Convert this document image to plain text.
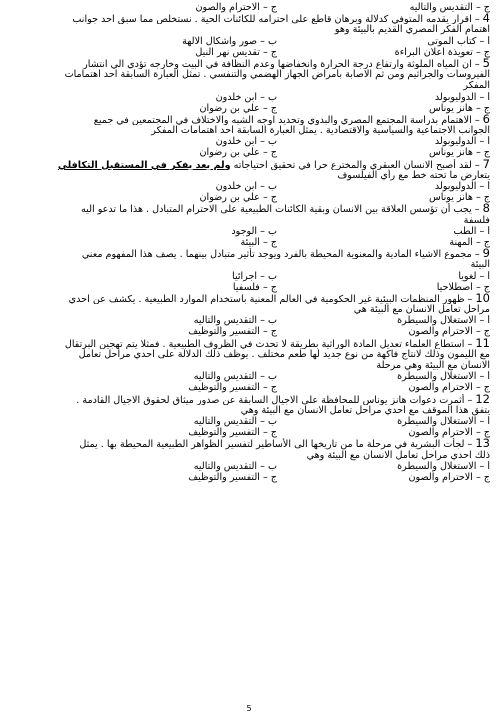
ج – التقديس والتأليه
ج – الاحترام والصون
4 – اقرار يقدمه المتوفي كدلالة وبرهان قاطع على احترامه للكائنات الحية . نستخلص مما سبق احد جوانب
اهتمام الفكر المصري القديم بالبيئة وهو
أ – كتاب الموتى
ب – صور واشكال الالهة
ج – تعويذة اعلان البراءة
ج – تقديس نهر النيل
5 – ان المياه الملوثة وارتفاع درجة الحرارة وانخفاضها وعدم النظافة في البيت وخارجه تؤدي الي انتشار
الفيروسات والجراثيم ومن ثم الاصابة بأمراض الجهاز الهضمي والتنفسي . تمثل العبارة السابقة احد اهتمامات
المفكر
أ – الدوليوبولد
ب – ابن خلدون
ج – هانز يوناس
ج – علي بن رضوان
6 – الاهتمام بدراسة المجتمع المصري والبدوي وتحديد اوجه الشبه والاختلاف في المجتمعين في جميع
الجوانب الاجتماعية والسياسية والاقتصادية . يمثل العبارة السابقة احد اهتمامات المفكر
أ – الدوليوبولد
ب – ابن خلدون
ج – هانز يوناس
ج – علي بن رضوان
7 – لقد أصبح الانسان العبقري والمخترع حرا في تحقيق احتياجاته ولم يعد يفكر في المستقبل التكافلي
يتعارض ما تحته خط مع رأي الفيلسوف
أ – الدوليوبولد
ب – ابن خلدون
ج – هانز يوناس
ج – علي بن رضوان
8 – يجب أن تؤسس العلاقة بين الانسان وبقية الكائنات الطبيعية على الاحترام المتبادل . هذا ما تدعو اليه
فلسفة
أ – الطب
ب – الوجود
ج – المهنة
ج – البيئة
9 – مجموع الاشياء المادية والمعنوية المحيطة بالفرد ويوجد تأثير متبادل بينهما . يصف هذا المفهوم معني
البيئة
أ – لغويا
ب – اجرائيا
ج – اصطلاحيا
ج – فلسفيا
10 – ظهور المنظمات البيئية غير الحكومية في العالم المعنية باستخدام الموارد الطبيعية . يكشف عن احدي
مراحل تعامل الانسان مع البيئة هي
أ – الاستغلال والسيطرة
ب – التقديس والتأليه
ج – الاحترام والصون
ج – التفسير والتوظيف
11 – استطاع العلماء تعديل المادة الوراثية بطريقة لا تحدث في الظروف الطبيعية . فمثلا يتم تهجين البرتقال
مع الليمون وذلك لانتاج فاكهة من نوع جديد لها طعم مختلف . يوظف ذلك الدلالة على احدي مراحل تعامل
الانسان مع البيئة وهي مرحلة
أ – الاستغلال والسيطرة
ب – التقديس والتأليه
ج – الاحترام والصون
ج – التفسير والتوظيف
12 – أثمرت دعوات هانز يوناس للمحافظة على الاجيال السابقة عن صدور ميثاق لحقوق الاجيال القادمة .
يتفق هذا الموقف مع احدي مراحل تعامل الانسان مع البيئة وهي
أ – الاستغلال والسيطرة
ب – التقديس والتأليه
ج – الاحترام والصون
ج – التفسير والتوظيف
13 – لجأت البشرية في مرحلة ما من تاريخها الى الأساطير لتفسير الظواهر الطبيعية المحيطة بها . يمثل
ذلك احدي مراحل تعامل الانسان مع البيئة وهي
أ – الاستغلال والسيطرة
ب – التقديس والتأليه
ج – الاحترام والصون
ج – التفسير والتوظيف
5
